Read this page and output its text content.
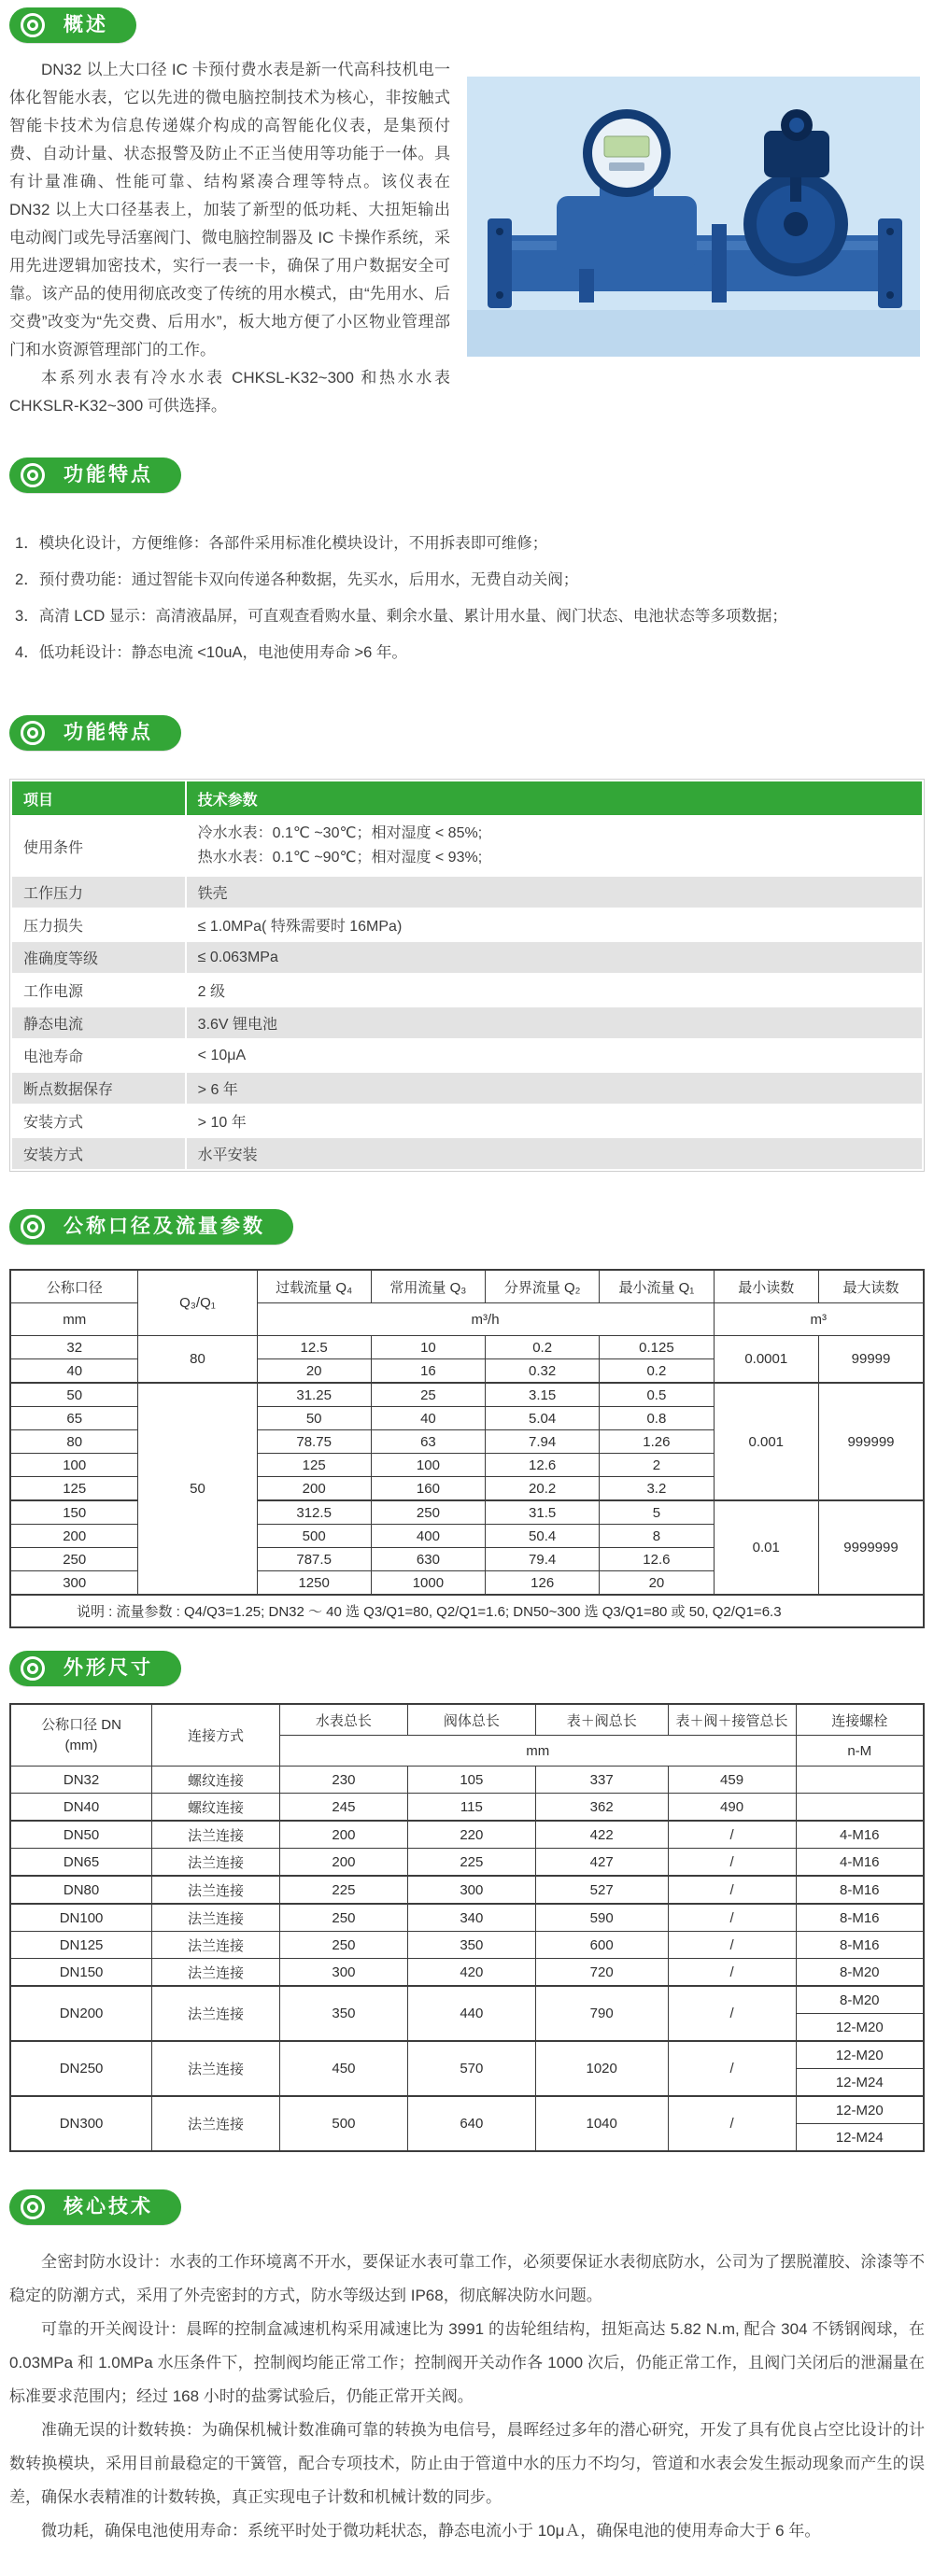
概述

DN32 以上大口径 IC 卡预付费水表是新一代高科技机电一体化智能水表，它以先进的微电脑控制技术为核心，非按触式智能卡技术为信息传递媒介构成的高智能化仪表，是集预付费、自动计量、状态报警及防止不正当使用等功能于一体。具有计量准确、性能可靠、结构紧凑合理等特点。该仪表在 DN32 以上大口径基表上，加装了新型的低功耗、大扭矩输出电动阀门或先导活塞阀门、微电脑控制器及 IC 卡操作系统，采用先进逻辑加密技术，实行一表一卡，确保了用户数据安全可靠。该产品的使用彻底改变了传统的用水模式，由“先用水、后交费”改变为“先交费、后用水”，板大地方便了小区物业管理部门和水资源管理部门的工作。

本系列水表有冷水水表 CHKSL-K32~300 和热水水表 CHKSLR-K32~300 可供选择。

功能特点
模块化设计，方便维修：各部件采用标准化模块设计，不用拆表即可维修；
预付费功能：通过智能卡双向传递各种数据，先买水，后用水，无费自动关阀；
高清 LCD 显示：高清液晶屏，可直观查看购水量、剩余水量、累计用水量、阀门状态、电池状态等多项数据；
低功耗设计：静态电流 <10uA，电池使用寿命 >6 年。
功能特点
项目	技术参数
使用条件	冷水水表：0.1℃ ~30℃；相对湿度 < 85%;
热水水表：0.1℃ ~90℃；相对湿度 < 93%;

工作压力	铁壳
压力损失	≤ 1.0MPa( 特殊需要时 16MPa)
准确度等级	≤ 0.063MPa
工作电源	2 级
静态电流	3.6V 锂电池
电池寿命	< 10μA
断点数据保存	> 6 年
安装方式	> 10 年
安装方式	水平安装
公称口径及流量参数
公称口径	Q₃/Q₁	过载流量 Q₄	常用流量 Q₃	分界流量 Q₂	最小流量 Q₁	最小读数	最大读数
mm		m³/h				m³	
32	80	12.5	10	0.2	0.125	0.0001	99999
40		20	16	0.32	0.2		
50	50	31.25	25	3.15	0.5	0.001	999999
65		50	40	5.04	0.8		
80		78.75	63	7.94	1.26		
100		125	100	12.6	2		
125		200	160	20.2	3.2		
150		312.5	250	31.5	5	0.01	9999999
200		500	400	50.4	8		
250		787.5	630	79.4	12.6		
300		1250	1000	126	20		
说明 : 流量参数 : Q4/Q3=1.25; DN32 ～ 40 选 Q3/Q1=80, Q2/Q1=1.6; DN50~300 选 Q3/Q1=80 或 50, Q2/Q1=6.3							
外形尺寸
公称口径 DN
(mm)	连接方式	水表总长	阀体总长	表＋阀总长	表＋阀＋接管总长	连接螺栓
		mm				n-M
DN32	螺纹连接	230	105	337	459	
DN40	螺纹连接	245	115	362	490	
DN50	法兰连接	200	220	422	/	4-M16
DN65	法兰连接	200	225	427	/	4-M16
DN80	法兰连接	225	300	527	/	8-M16
DN100	法兰连接	250	340	590	/	8-M16
DN125	法兰连接	250	350	600	/	8-M16
DN150	法兰连接	300	420	720	/	8-M20
DN200	法兰连接	350	440	790	/	8-M20
						12-M20
DN250	法兰连接	450	570	1020	/	12-M20
						12-M24
DN300	法兰连接	500	640	1040	/	12-M20
						12-M24
核心技术

全密封防水设计：水表的工作环境离不开水，要保证水表可靠工作，必须要保证水表彻底防水，公司为了摆脱灌胶、涂漆等不稳定的防潮方式，采用了外壳密封的方式，防水等级达到 IP68，彻底解决防水问题。

可靠的开关阀设计：晨晖的控制盒减速机构采用减速比为 3991 的齿轮组结构，扭矩高达 5.82 N.m, 配合 304 不锈钢阀球，在 0.03MPa 和 1.0MPa 水压条件下，控制阀均能正常工作；控制阀开关动作各 1000 次后，仍能正常工作，且阀门关闭后的泄漏量在标准要求范围内；经过 168 小时的盐雾试验后，仍能正常开关阀。

准确无误的计数转换：为确保机械计数准确可靠的转换为电信号，晨晖经过多年的潜心研究，开发了具有优良占空比设计的计数转换模块，采用目前最稳定的干簧管，配合专项技术，防止由于管道中水的压力不均匀，管道和水表会发生振动现象而产生的误差，确保水表精准的计数转换，真正实现电子计数和机械计数的同步。

微功耗，确保电池使用寿命：系统平时处于微功耗状态，静态电流小于 10μＡ，确保电池的使用寿命大于 6 年。
